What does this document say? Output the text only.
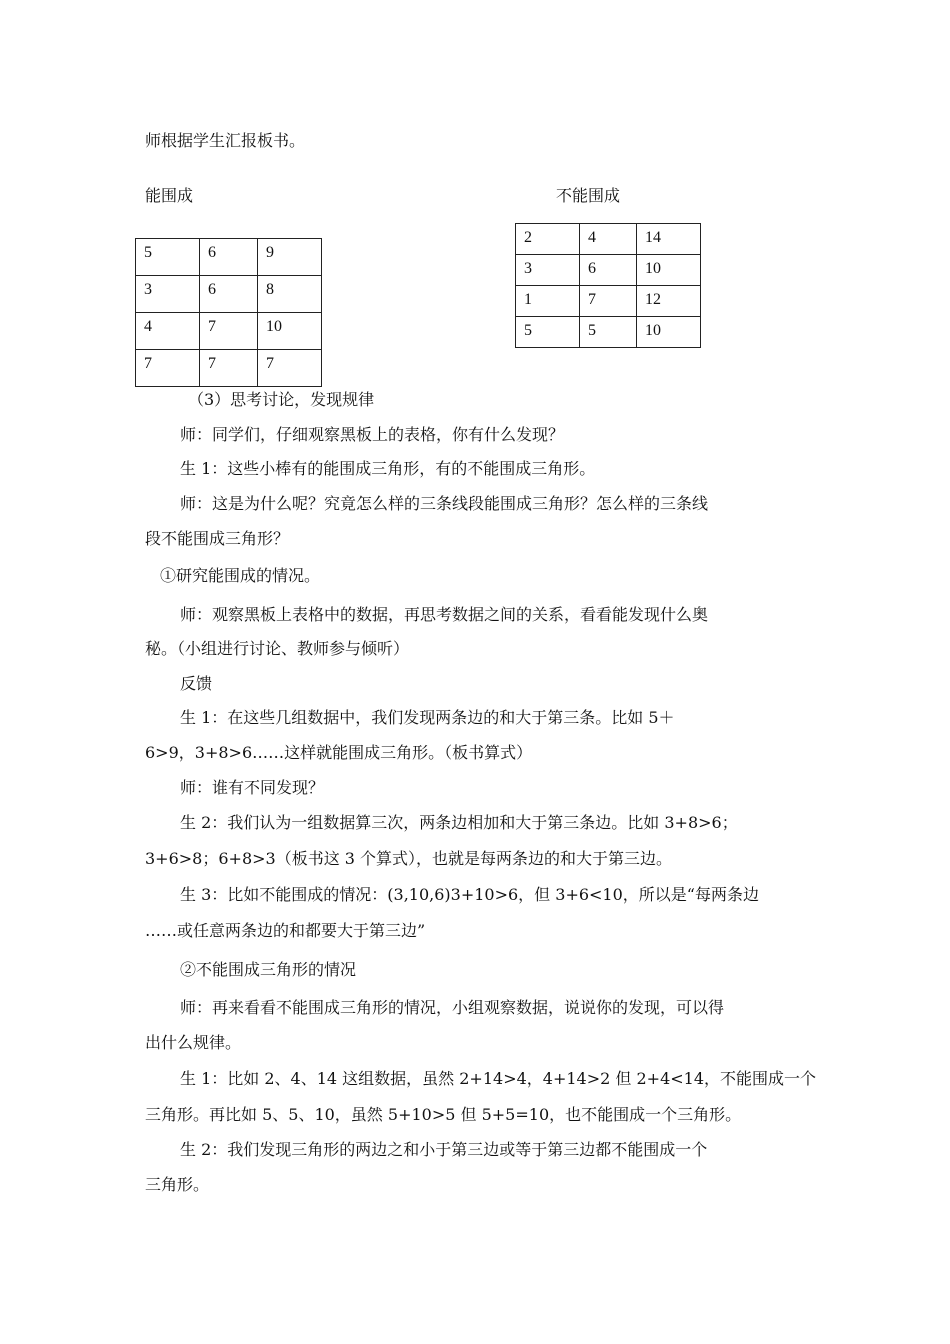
师根据学生汇报板书。
能围成	不能围成
5	6	9
3	6	8
4	7	10
7	7	7
2	4	14
3	6	10
1	7	12
5	5	10
（3）思考讨论，发现规律
师：同学们，仔细观察黑板上的表格，你有什么发现？
生 1：这些小棒有的能围成三角形，有的不能围成三角形。
师：这是为什么呢？究竟怎么样的三条线段能围成三角形？怎么样的三条线
段不能围成三角形？
①研究能围成的情况。
师：观察黑板上表格中的数据，再思考数据之间的关系，看看能发现什么奥
秘。（小组进行讨论、教师参与倾听）
反馈
生 1：在这些几组数据中，我们发现两条边的和大于第三条。比如 5＋
6>9，3+8>6……这样就能围成三角形。（板书算式）
师：谁有不同发现？
生 2：我们认为一组数据算三次，两条边相加和大于第三条边。比如 3+8>6；
3+6>8；6+8>3（板书这 3 个算式），也就是每两条边的和大于第三边。
生 3：比如不能围成的情况：(3,10,6)3+10>6，但 3+6<10，所以是“每两条边
……或任意两条边的和都要大于第三边”
②不能围成三角形的情况
师：再来看看不能围成三角形的情况，小组观察数据，说说你的发现，可以得
出什么规律。
生 1：比如 2、4、14 这组数据，虽然 2+14>4，4+14>2 但 2+4<14，不能围成一个
三角形。再比如 5、5、10，虽然 5+10>5 但 5+5=10，也不能围成一个三角形。
生 2：我们发现三角形的两边之和小于第三边或等于第三边都不能围成一个
三角形。
